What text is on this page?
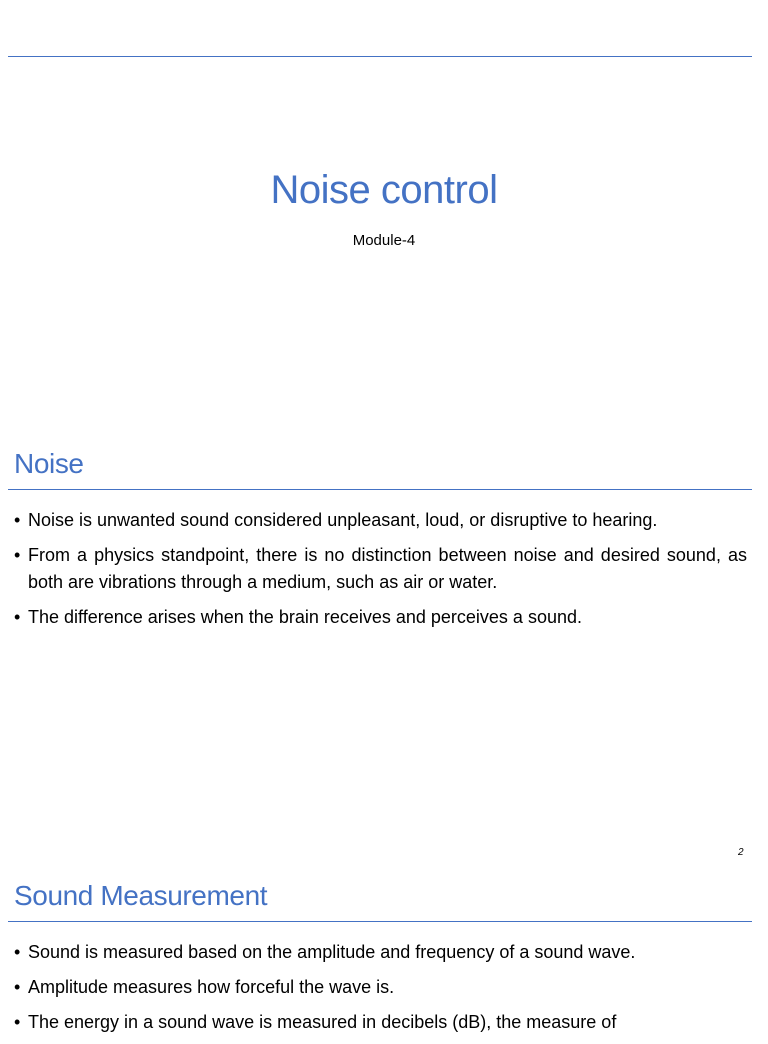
Noise control
Module-4
Noise
• Noise is unwanted sound considered unpleasant, loud, or disruptive to hearing.
• From a physics standpoint, there is no distinction between noise and desired sound, as both are vibrations through a medium, such as air or water.
• The difference arises when the brain receives and perceives a sound.
2
Sound Measurement
• Sound is measured based on the amplitude and frequency of a sound wave.
• Amplitude measures how forceful the wave is.
• The energy in a sound wave is measured in decibels (dB), the measure of
